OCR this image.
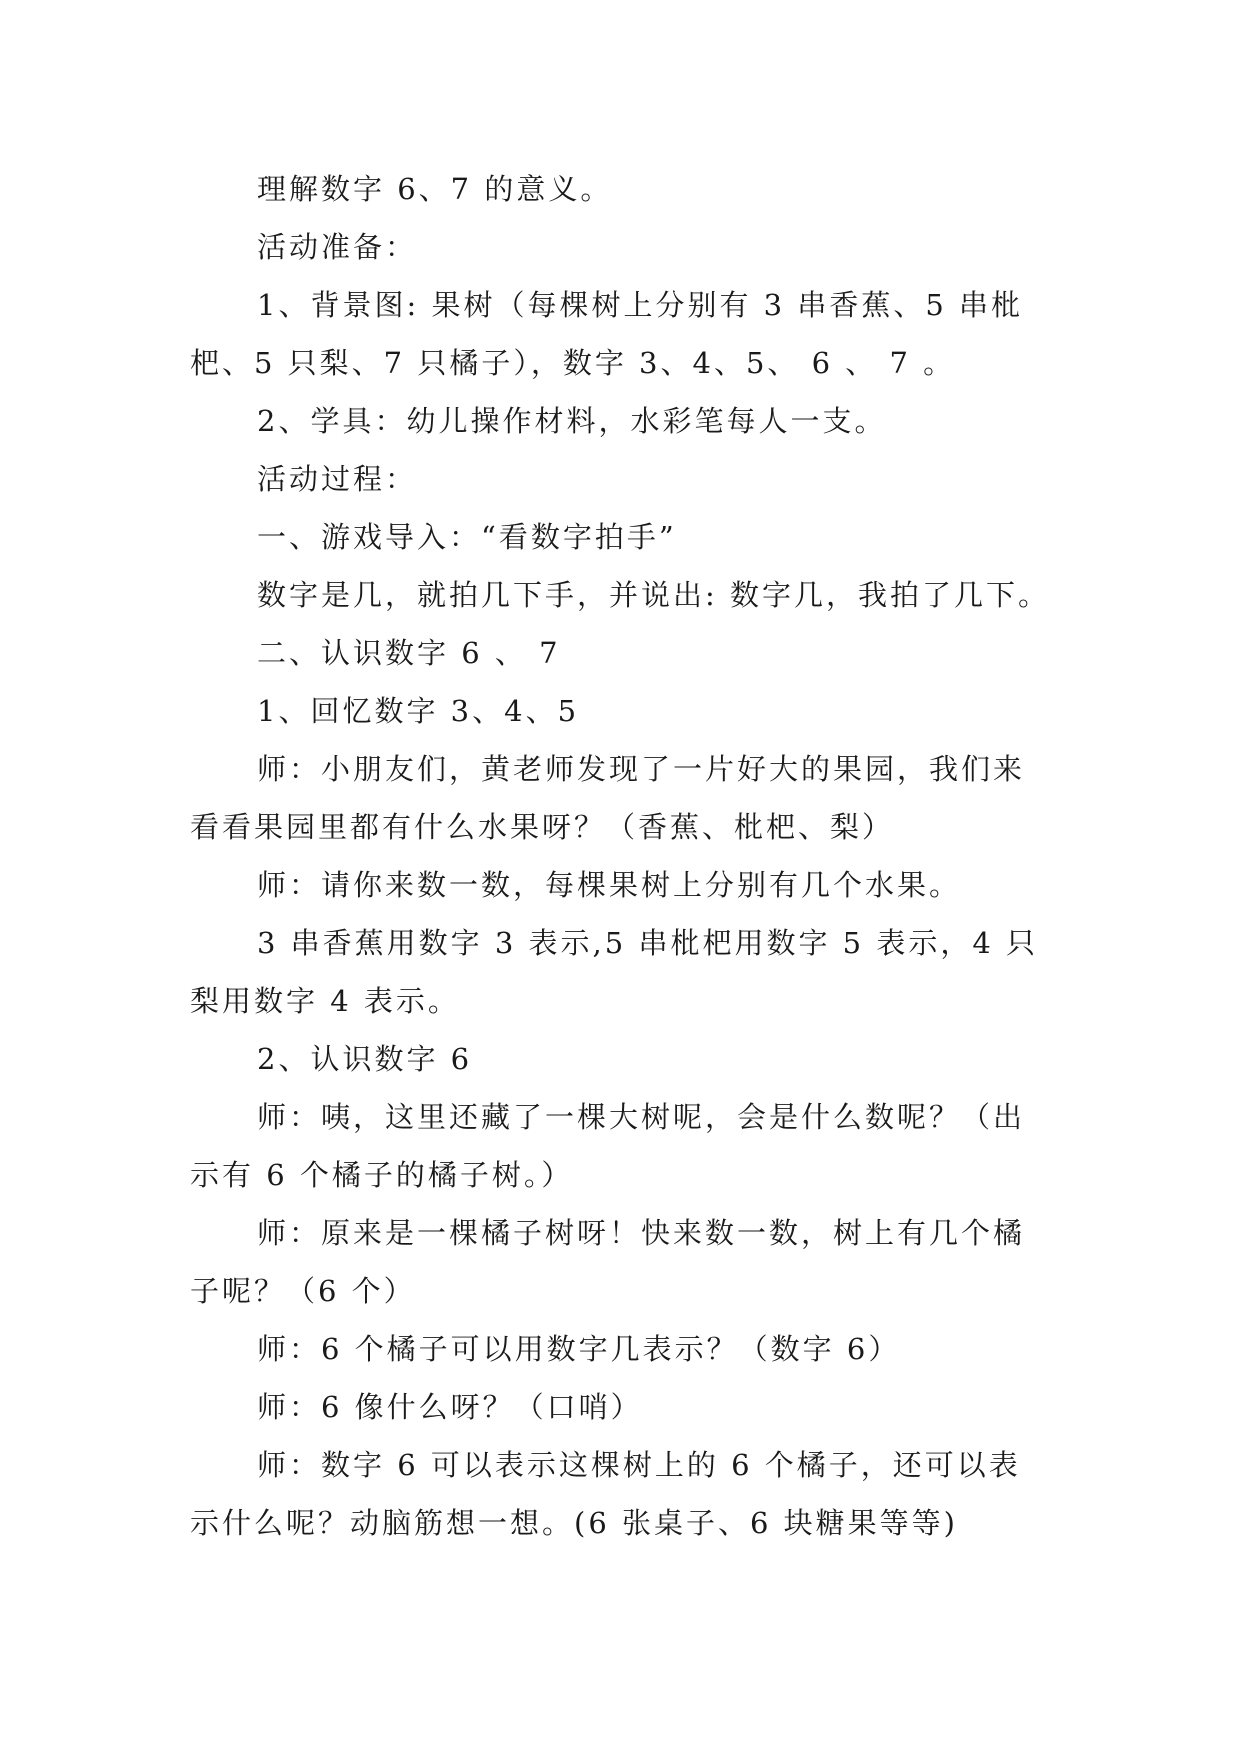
理解数字 6、7 的意义。

活动准备：

1、背景图: 果树（每棵树上分别有 3 串香蕉、5 串枇杷、5 只梨、7 只橘子），数字 3、4、5、 6 、 7 。

2、学具：幼儿操作材料，水彩笔每人一支。

活动过程：

一、游戏导入：“看数字拍手”

数字是几，就拍几下手，并说出: 数字几，我拍了几下。

二、认识数字 6 、 7

1、回忆数字 3、4、5

师：小朋友们，黄老师发现了一片好大的果园，我们来看看果园里都有什么水果呀？（香蕉、枇杷、梨）

师：请你来数一数，每棵果树上分别有几个水果。

3 串香蕉用数字 3 表示,5 串枇杷用数字 5 表示，4 只梨用数字 4 表示。

2、认识数字 6

师：咦，这里还藏了一棵大树呢，会是什么数呢？（出示有 6 个橘子的橘子树。）

师：原来是一棵橘子树呀！快来数一数，树上有几个橘子呢？（6 个）

师：6 个橘子可以用数字几表示？（数字 6）

师：6 像什么呀？（口哨）

师：数字 6 可以表示这棵树上的 6 个橘子，还可以表示什么呢？动脑筋想一想。(6 张桌子、6 块糖果等等)
